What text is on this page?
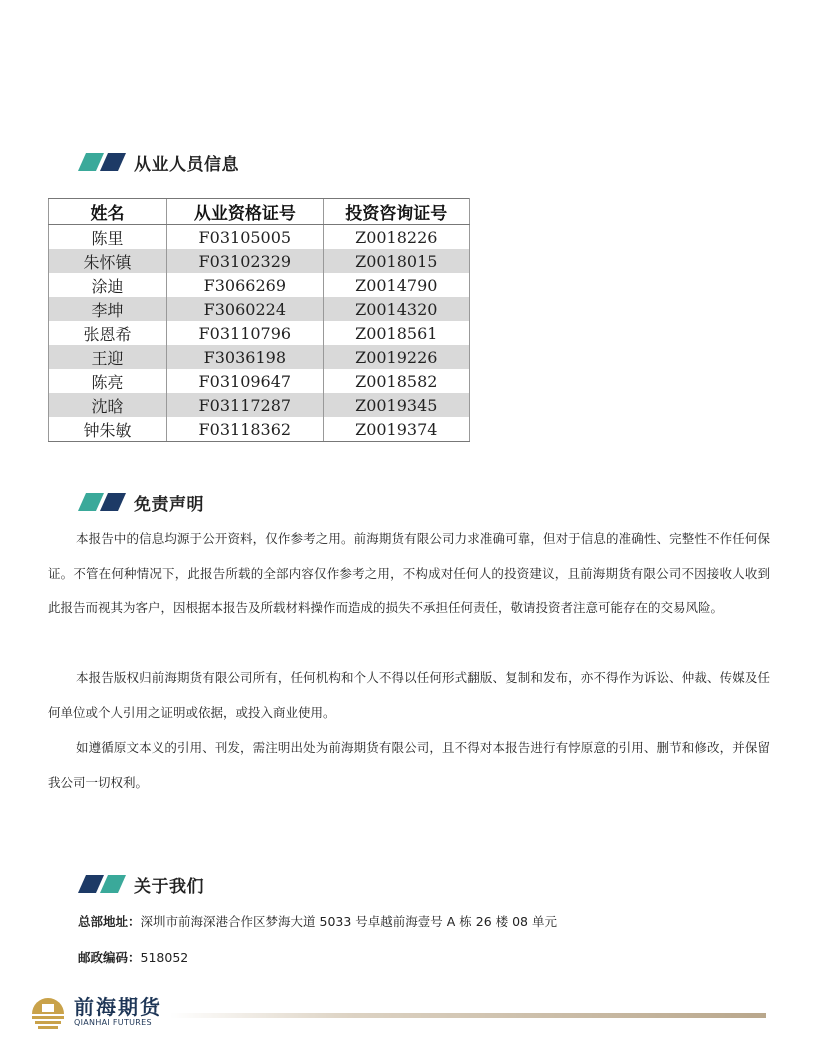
从业人员信息
姓名	从业资格证号	投资咨询证号
陈里	F03105005	Z0018226
朱怀镇	F03102329	Z0018015
涂迪	F3066269	Z0014790
李坤	F3060224	Z0014320
张恩希	F03110796	Z0018561
王迎	F3036198	Z0019226
陈亮	F03109647	Z0018582
沈晗	F03117287	Z0019345
钟朱敏	F03118362	Z0019374
免责声明

本报告中的信息均源于公开资料，仅作参考之用。前海期货有限公司力求准确可靠，但对于信息的准确性、完整性不作任何保证。不管在何种情况下，此报告所载的全部内容仅作参考之用，不构成对任何人的投资建议，且前海期货有限公司不因接收人收到此报告而视其为客户，因根据本报告及所载材料操作而造成的损失不承担任何责任，敬请投资者注意可能存在的交易风险。

本报告版权归前海期货有限公司所有，任何机构和个人不得以任何形式翻版、复制和发布，亦不得作为诉讼、仲裁、传媒及任何单位或个人引用之证明或依据，或投入商业使用。

如遵循原文本义的引用、刊发，需注明出处为前海期货有限公司，且不得对本报告进行有悖原意的引用、删节和修改，并保留我公司一切权利。

关于我们
总部地址：深圳市前海深港合作区梦海大道 5033 号卓越前海壹号 A 栋 26 楼 08 单元
邮政编码：518052
前海期货
QIANHAI FUTURES
